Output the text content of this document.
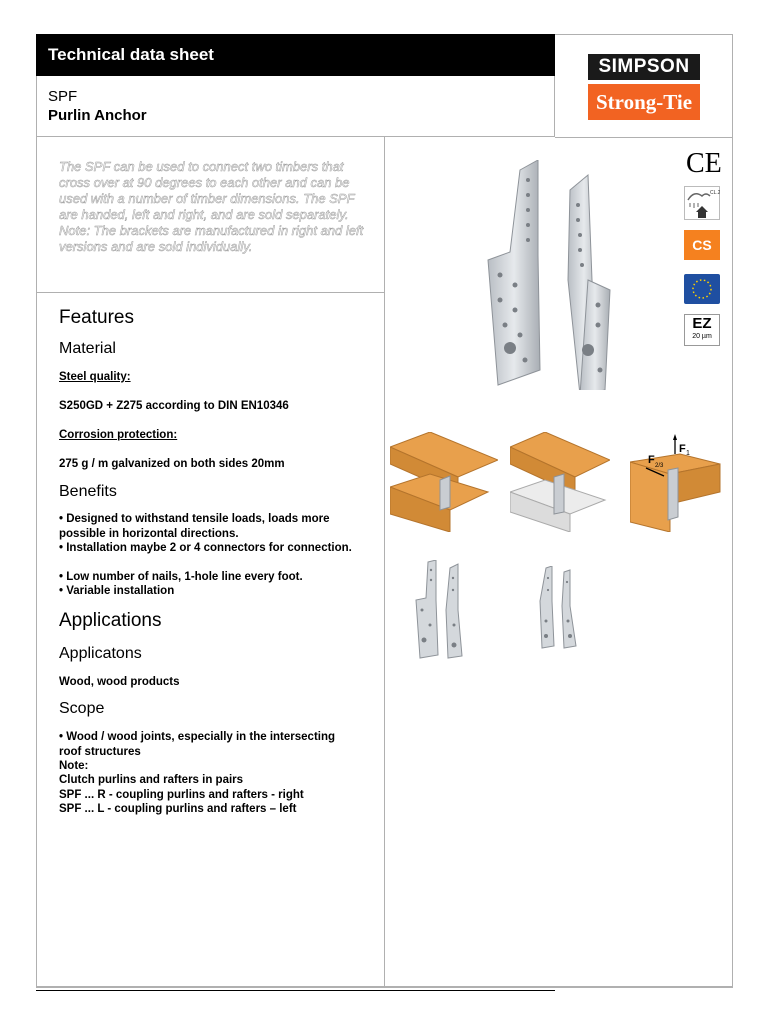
Technical data sheet
SPF
Purlin Anchor
SIMPSON
Strong-Tie
The SPF can be used to connect two timbers that cross over at 90 degrees to each other and can be used with a number of timber dimensions. The SPF are handed, left and right, and are sold separately. Note: The brackets are manufactured in right and left versions and are sold individually.
Features
Material
Steel quality:
S250GD + Z275 according to DIN EN10346
Corrosion protection:
275 g / m galvanized on both sides 20mm
Benefits
• Designed to withstand tensile loads, loads more possible in horizontal directions.
• Installation maybe 2 or 4 connectors for connection.
• Low number of nails, 1-hole line every foot.
• Variable installation
Applications
Applicatons
Wood, wood products
Scope
• Wood / wood joints, especially in the intersecting roof structures
Note:
Clutch purlins and rafters in pairs
SPF ... R - coupling purlins and rafters - right
SPF ... L - coupling purlins and rafters – left
CE
CL.2
CS
EZ
20 µm
F 1
F 2/3
